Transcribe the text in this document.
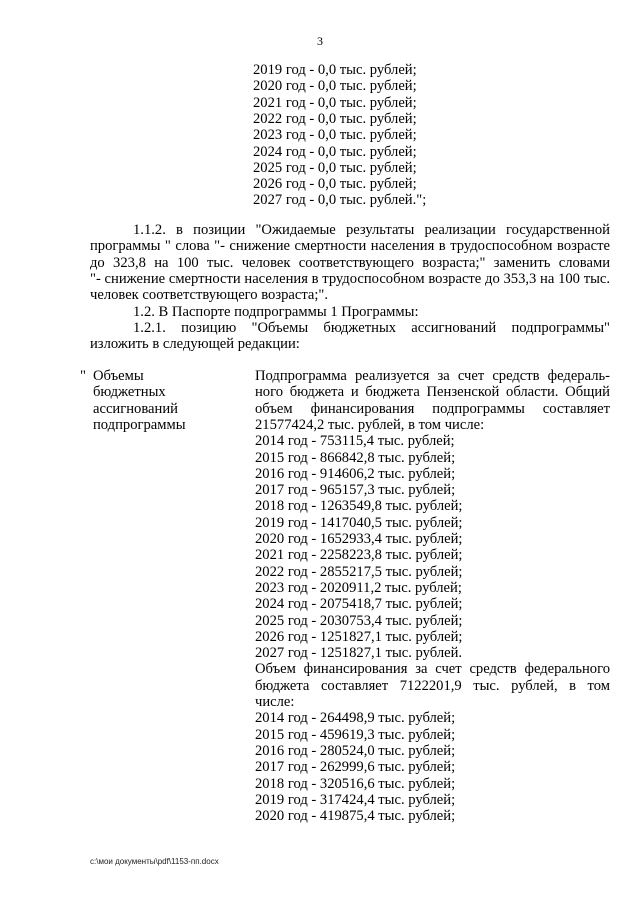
3
2019 год - 0,0 тыс. рублей;
2020 год - 0,0 тыс. рублей;
2021 год - 0,0 тыс. рублей;
2022 год - 0,0 тыс. рублей;
2023 год - 0,0 тыс. рублей;
2024 год - 0,0 тыс. рублей;
2025 год - 0,0 тыс. рублей;
2026 год - 0,0 тыс. рублей;
2027 год - 0,0 тыс. рублей.";
1.1.2. в позиции "Ожидаемые результаты реализации государственной
программы " слова "- снижение смертности населения в трудоспособном возрасте
до 323,8 на 100 тыс. человек соответствующего возраста;" заменить словами
"- снижение смертности населения в трудоспособном возрасте до 353,3 на 100 тыс.
человек соответствующего возраста;".
1.2. В Паспорте подпрограммы 1 Программы:
1.2.1. позицию "Объемы бюджетных ассигнований подпрограммы"
изложить в следующей редакции:
" Объемы
бюджетных
ассигнований
подпрограммы
Подпрограмма реализуется за счет средств федераль-
ного бюджета и бюджета Пензенской области. Общий
объем финансирования подпрограммы составляет
21577424,2 тыс. рублей, в том числе:
2014 год - 753115,4 тыс. рублей;
2015 год - 866842,8 тыс. рублей;
2016 год - 914606,2 тыс. рублей;
2017 год - 965157,3 тыс. рублей;
2018 год - 1263549,8 тыс. рублей;
2019 год - 1417040,5 тыс. рублей;
2020 год - 1652933,4 тыс. рублей;
2021 год - 2258223,8 тыс. рублей;
2022 год - 2855217,5 тыс. рублей;
2023 год - 2020911,2 тыс. рублей;
2024 год - 2075418,7 тыс. рублей;
2025 год - 2030753,4 тыс. рублей;
2026 год - 1251827,1 тыс. рублей;
2027 год - 1251827,1 тыс. рублей.
Объем финансирования за счет средств федерального
бюджета составляет 7122201,9 тыс. рублей, в том
числе:
2014 год - 264498,9 тыс. рублей;
2015 год - 459619,3 тыс. рублей;
2016 год - 280524,0 тыс. рублей;
2017 год - 262999,6 тыс. рублей;
2018 год - 320516,6 тыс. рублей;
2019 год - 317424,4 тыс. рублей;
2020 год - 419875,4 тыс. рублей;
c:\мои документы\pdf\1153-пп.docx
